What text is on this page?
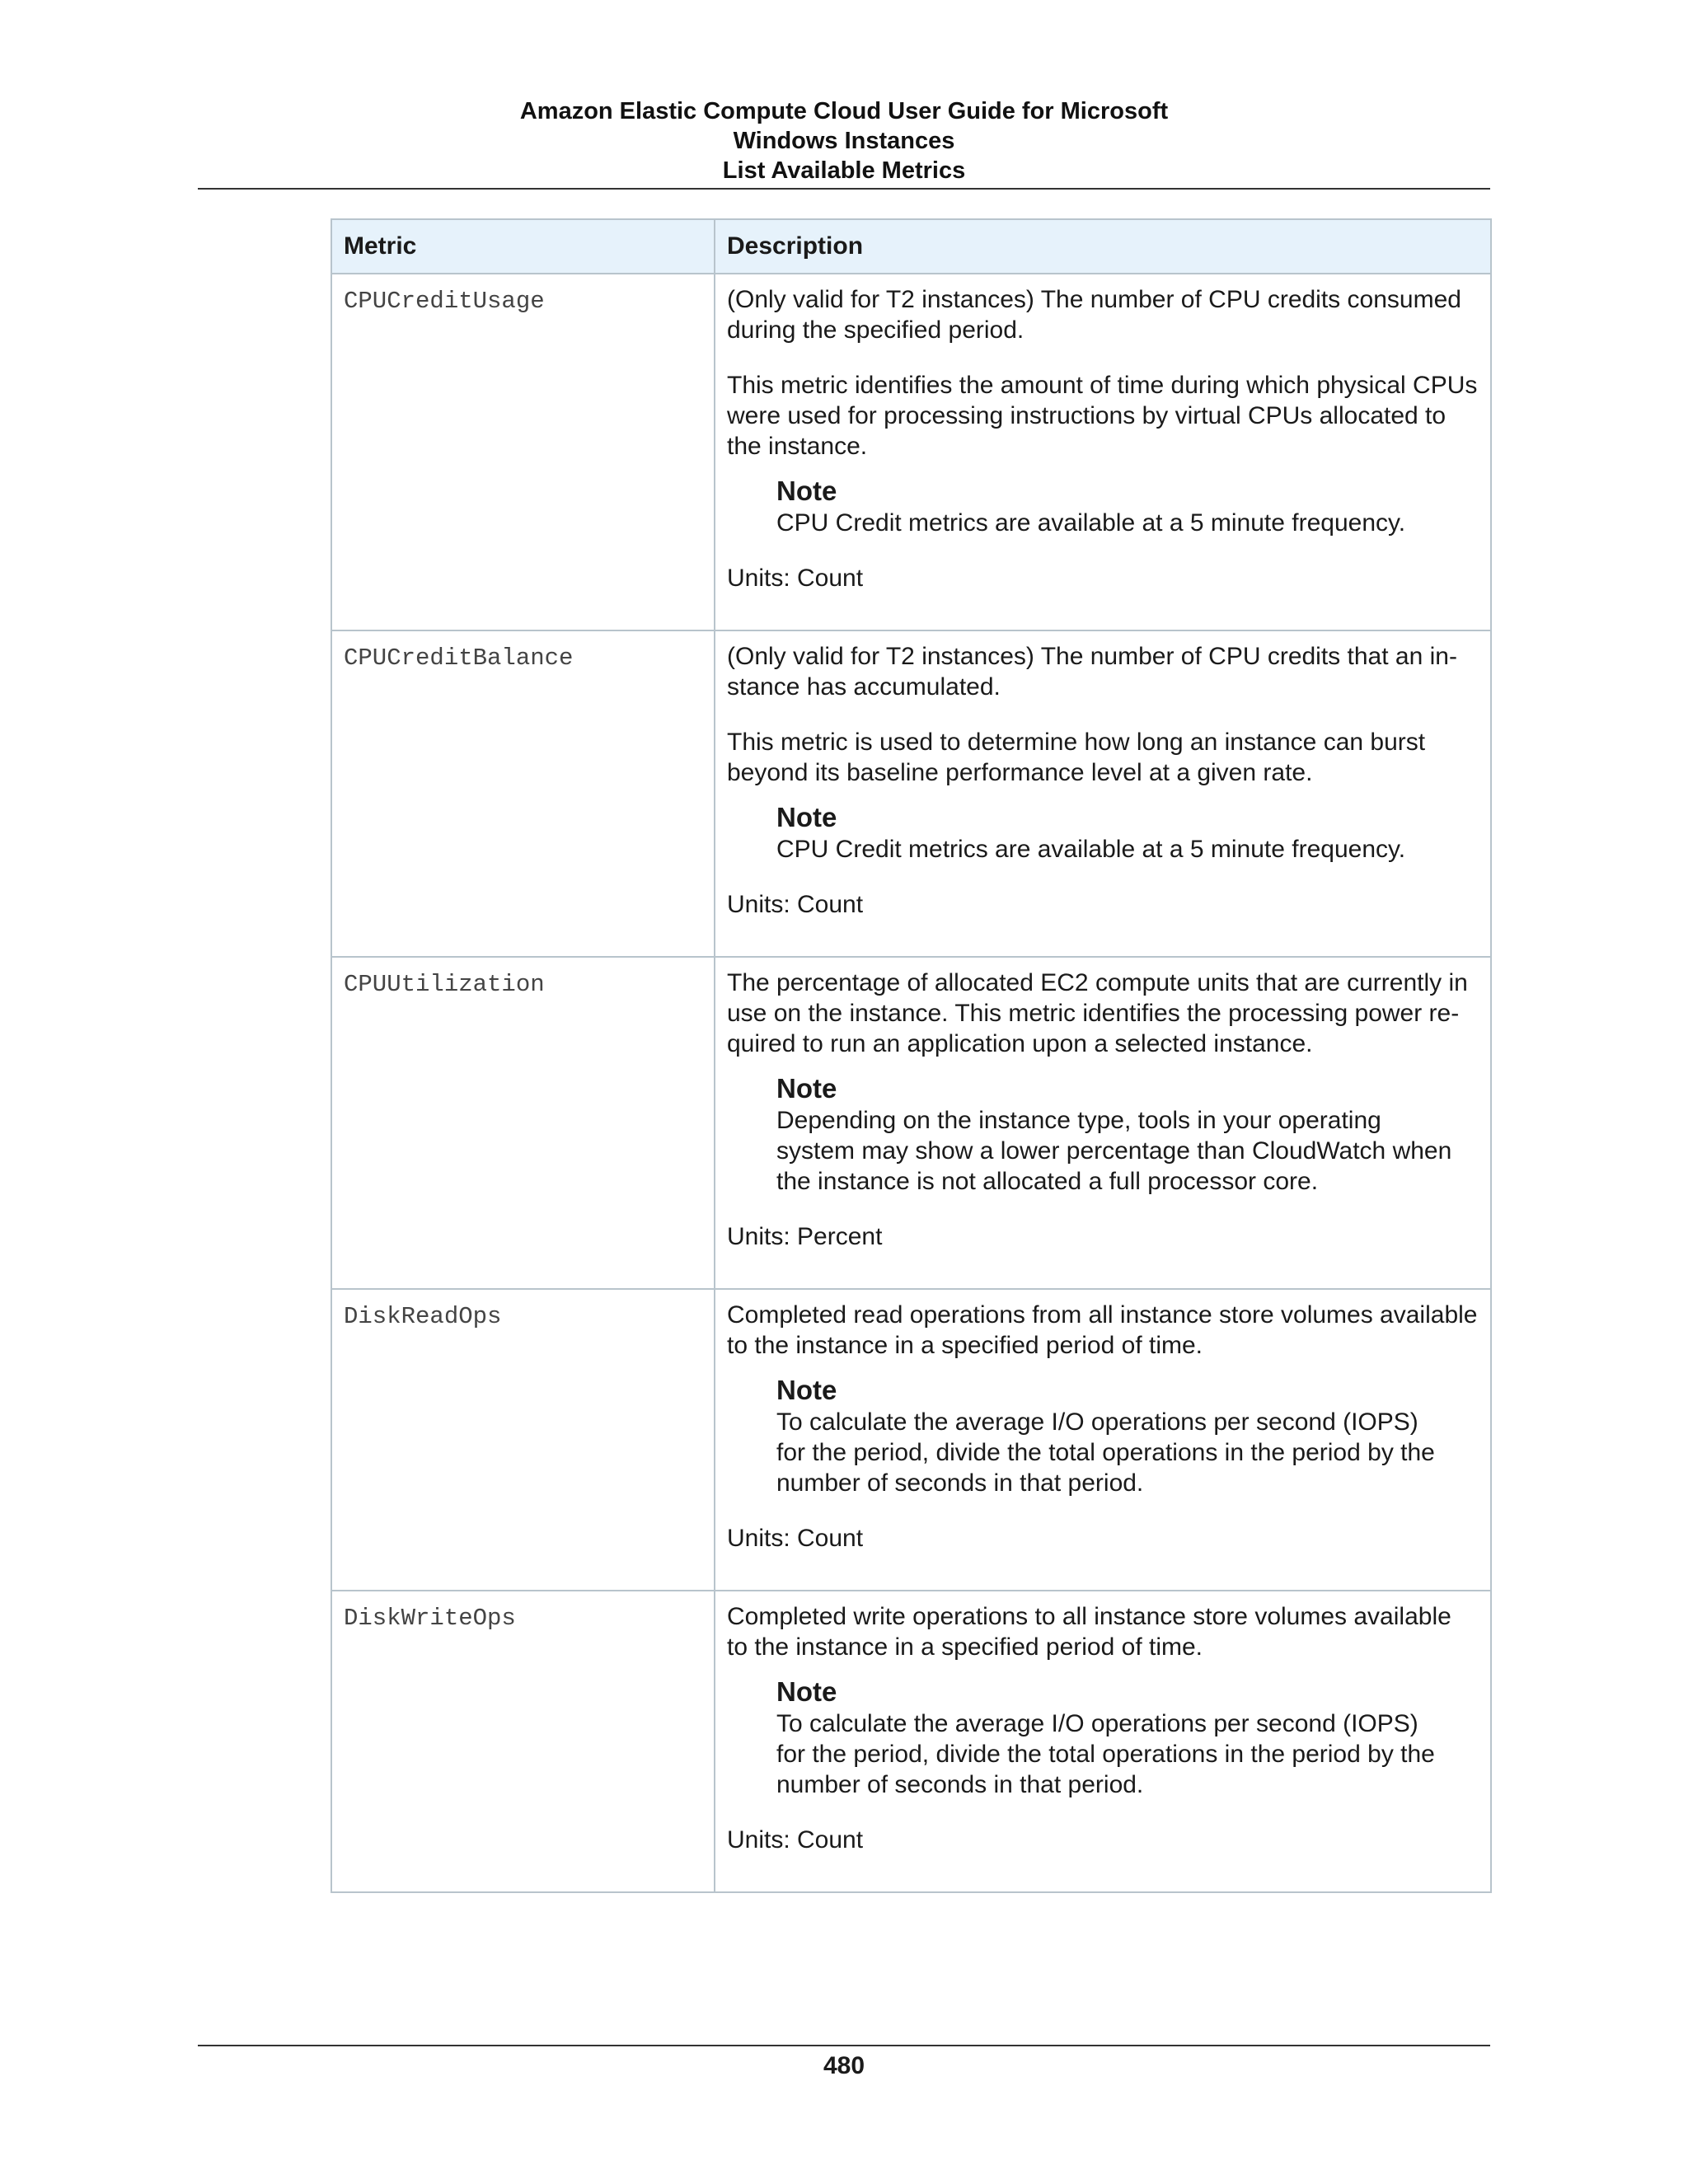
Amazon Elastic Compute Cloud User Guide for Microsoft
Windows Instances
List Available Metrics
Metric	Description
CPUCreditUsage	(Only valid for T2 instances) The number of CPU credits consumed during the specified period.

This metric identifies the amount of time during which physical CPUs were used for processing instructions by virtual CPUs allocated to the instance.

Note
CPU Credit metrics are available at a 5 minute frequency.

Units: Count

CPUCreditBalance	(Only valid for T2 instances) The number of CPU credits that an in-stance has accumulated.

This metric is used to determine how long an instance can burst beyond its baseline performance level at a given rate.

Note
CPU Credit metrics are available at a 5 minute frequency.

Units: Count

CPUUtilization	The percentage of allocated EC2 compute units that are currently in use on the instance. This metric identifies the processing power re-quired to run an application upon a selected instance.

Note
Depending on the instance type, tools in your operating system may show a lower percentage than CloudWatch when the instance is not allocated a full processor core.

Units: Percent

DiskReadOps	Completed read operations from all instance store volumes available to the instance in a specified period of time.

Note
To calculate the average I/O operations per second (IOPS) for the period, divide the total operations in the period by the number of seconds in that period.

Units: Count

DiskWriteOps	Completed write operations to all instance store volumes available to the instance in a specified period of time.

Note
To calculate the average I/O operations per second (IOPS) for the period, divide the total operations in the period by the number of seconds in that period.

Units: Count

480
